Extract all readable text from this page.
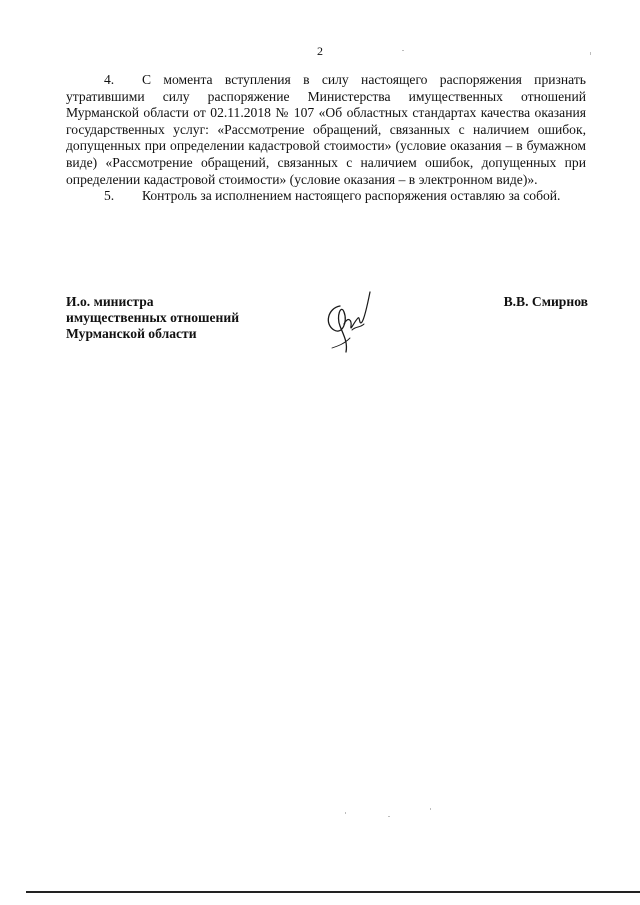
2

4. С момента вступления в силу настоящего распоряжения признать утратившими силу распоряжение Министерства имущественных отношений Мурманской области от 02.11.2018 № 107 «Об областных стандартах качества оказания государственных услуг: «Рассмотрение обращений, связанных с наличием ошибок, допущенных при определении кадастровой стоимости» (условие оказания – в бумажном виде) «Рассмотрение обращений, связанных с наличием ошибок, допущенных при определении кадастровой стоимости» (условие оказания – в электронном виде)».

5. Контроль за исполнением настоящего распоряжения оставляю за собой.

И.о. министра
имущественных отношений
Мурманской области
В.В. Смирнов
